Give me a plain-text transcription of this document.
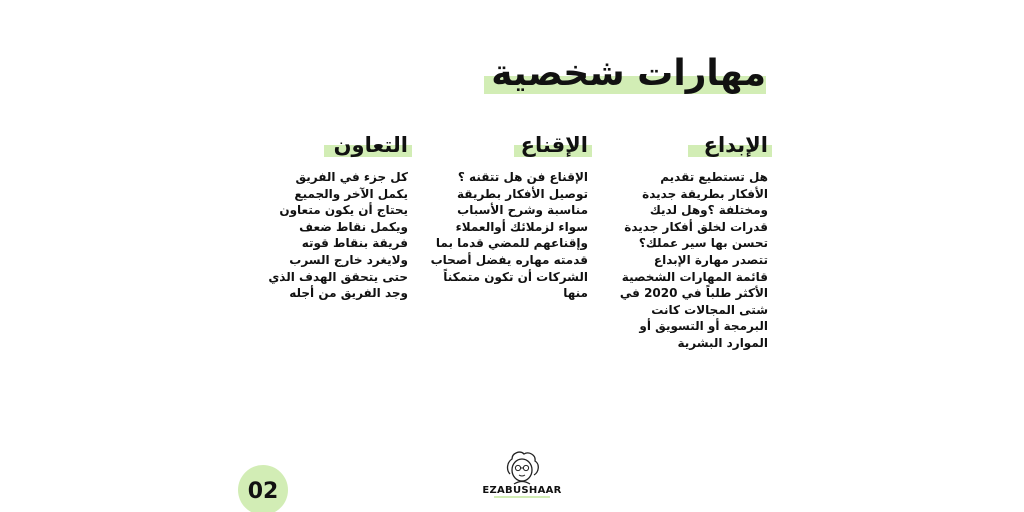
مهارات شخصية
الإبداع
هل تستطيع تقديم الأفكار بطريقة جديدة ومختلفة ؟وهل لديك قدرات لخلق أفكار جديدة تحسن بها سير عملك؟ تتصدر مهارة الإبداع قائمة المهارات الشخصية الأكثر طلباً في 2020 في شتى المجالات كانت البرمجة أو التسويق أو الموارد البشرية
الإقناع
الإقناع فن هل تتقنه ؟ توصيل الأفكار بطريقة مناسبة وشرح الأسباب سواء لزملائك أوالعملاء وإقناعهم للمضي قدما بما قدمته مهاره يفضل أصحاب الشركات أن تكون متمكناً منها
التعاون
كل جزء في الفريق يكمل الآخر والجميع يحتاج أن يكون متعاون ويكمل نقاط ضعف فريقة بنقاط قوته ولايغرد خارج السرب حتى يتحقق الهدف الذي وجد الفريق من أجله
02	EZABUSHAAR
